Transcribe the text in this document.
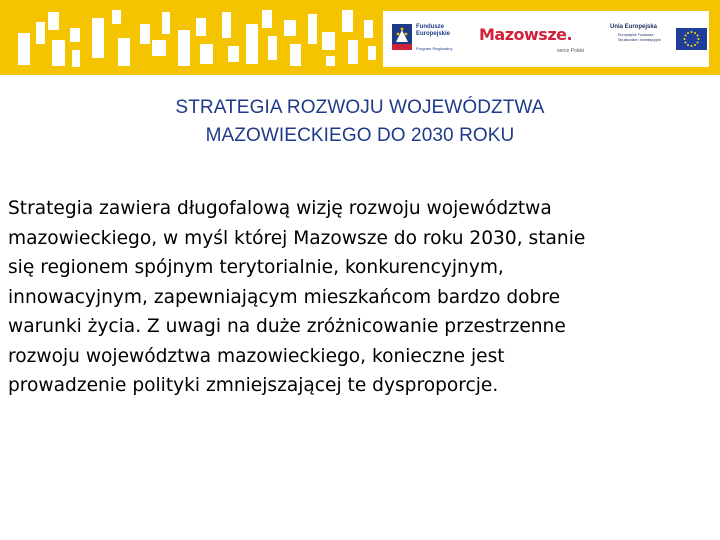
Fundusze
Europejskie
Program Regionalny
Mazowsze.
serce Polski
Unia Europejska
Europejskie Fundusze
Strukturalne i Inwestycyjne
STRATEGIA ROZWOJU WOJEWÓDZTWA
MAZOWIECKIEGO DO 2030 ROKU

Strategia zawiera długofalową wizję rozwoju województwa
mazowieckiego, w myśl której Mazowsze do roku 2030, stanie
się regionem spójnym terytorialnie, konkurencyjnym,
innowacyjnym, zapewniającym mieszkańcom bardzo dobre
warunki życia. Z uwagi na duże zróżnicowanie przestrzenne
rozwoju województwa mazowieckiego, konieczne jest
prowadzenie polityki zmniejszającej te dysproporcje.
